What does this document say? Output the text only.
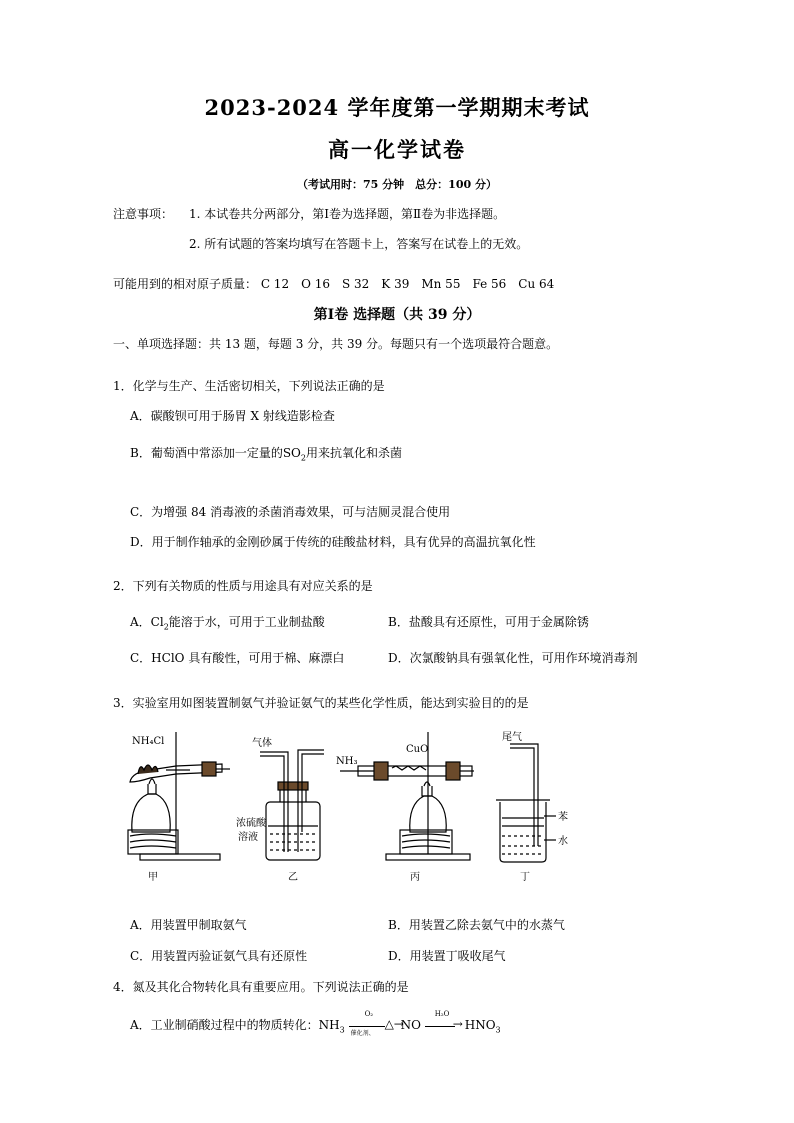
2023-2024 学年度第一学期期末考试
高一化学试卷
（考试用时：75 分钟　总分：100 分）
注意事项： 1. 本试卷共分两部分，第Ⅰ卷为选择题，第Ⅱ卷为非选择题。
2. 所有试题的答案均填写在答题卡上，答案写在试卷上的无效。
可能用到的相对原子质量： C 12　O 16　S 32　K 39　Mn 55　Fe 56　Cu 64
第Ⅰ卷 选择题（共 39 分）
一、单项选择题：共 13 题，每题 3 分，共 39 分。每题只有一个选项最符合题意。
1．化学与生产、生活密切相关，下列说法正确的是
A．碳酸钡可用于肠胃 X 射线造影检查
B．葡萄酒中常添加一定量的$SO_2$用来抗氧化和杀菌
C．为增强 84 消毒液的杀菌消毒效果，可与洁厕灵混合使用
D．用于制作轴承的金刚砂属于传统的硅酸盐材料，具有优异的高温抗氧化性
2．下列有关物质的性质与用途具有对应关系的是
A．$Cl_2$能溶于水，可用于工业制盐酸	B．盐酸具有还原性，可用于金属除锈
C．HClO 具有酸性，可用于棉、麻漂白	D．次氯酸钠具有强氧化性，可用作环境消毒剂
3．实验室用如图装置制氨气并验证氨气的某些化学性质，能达到实验目的的是
NH₄Cl	气体
浓硫酸
溶液
NH₃
CuO
尾气
苯
水
甲	乙	丙	丁
A．用装置甲制取氨气	B．用装置乙除去氨气中的水蒸气
C．用装置丙验证氨气具有还原性	D．用装置丁吸收尾气
4．氮及其化合物转化具有重要应用。下列说法正确的是
A．工业制硝酸过程中的物质转化：$NH_3$
O₂
催化剂、
△→
NO
H₂O
→ $HNO_3$
